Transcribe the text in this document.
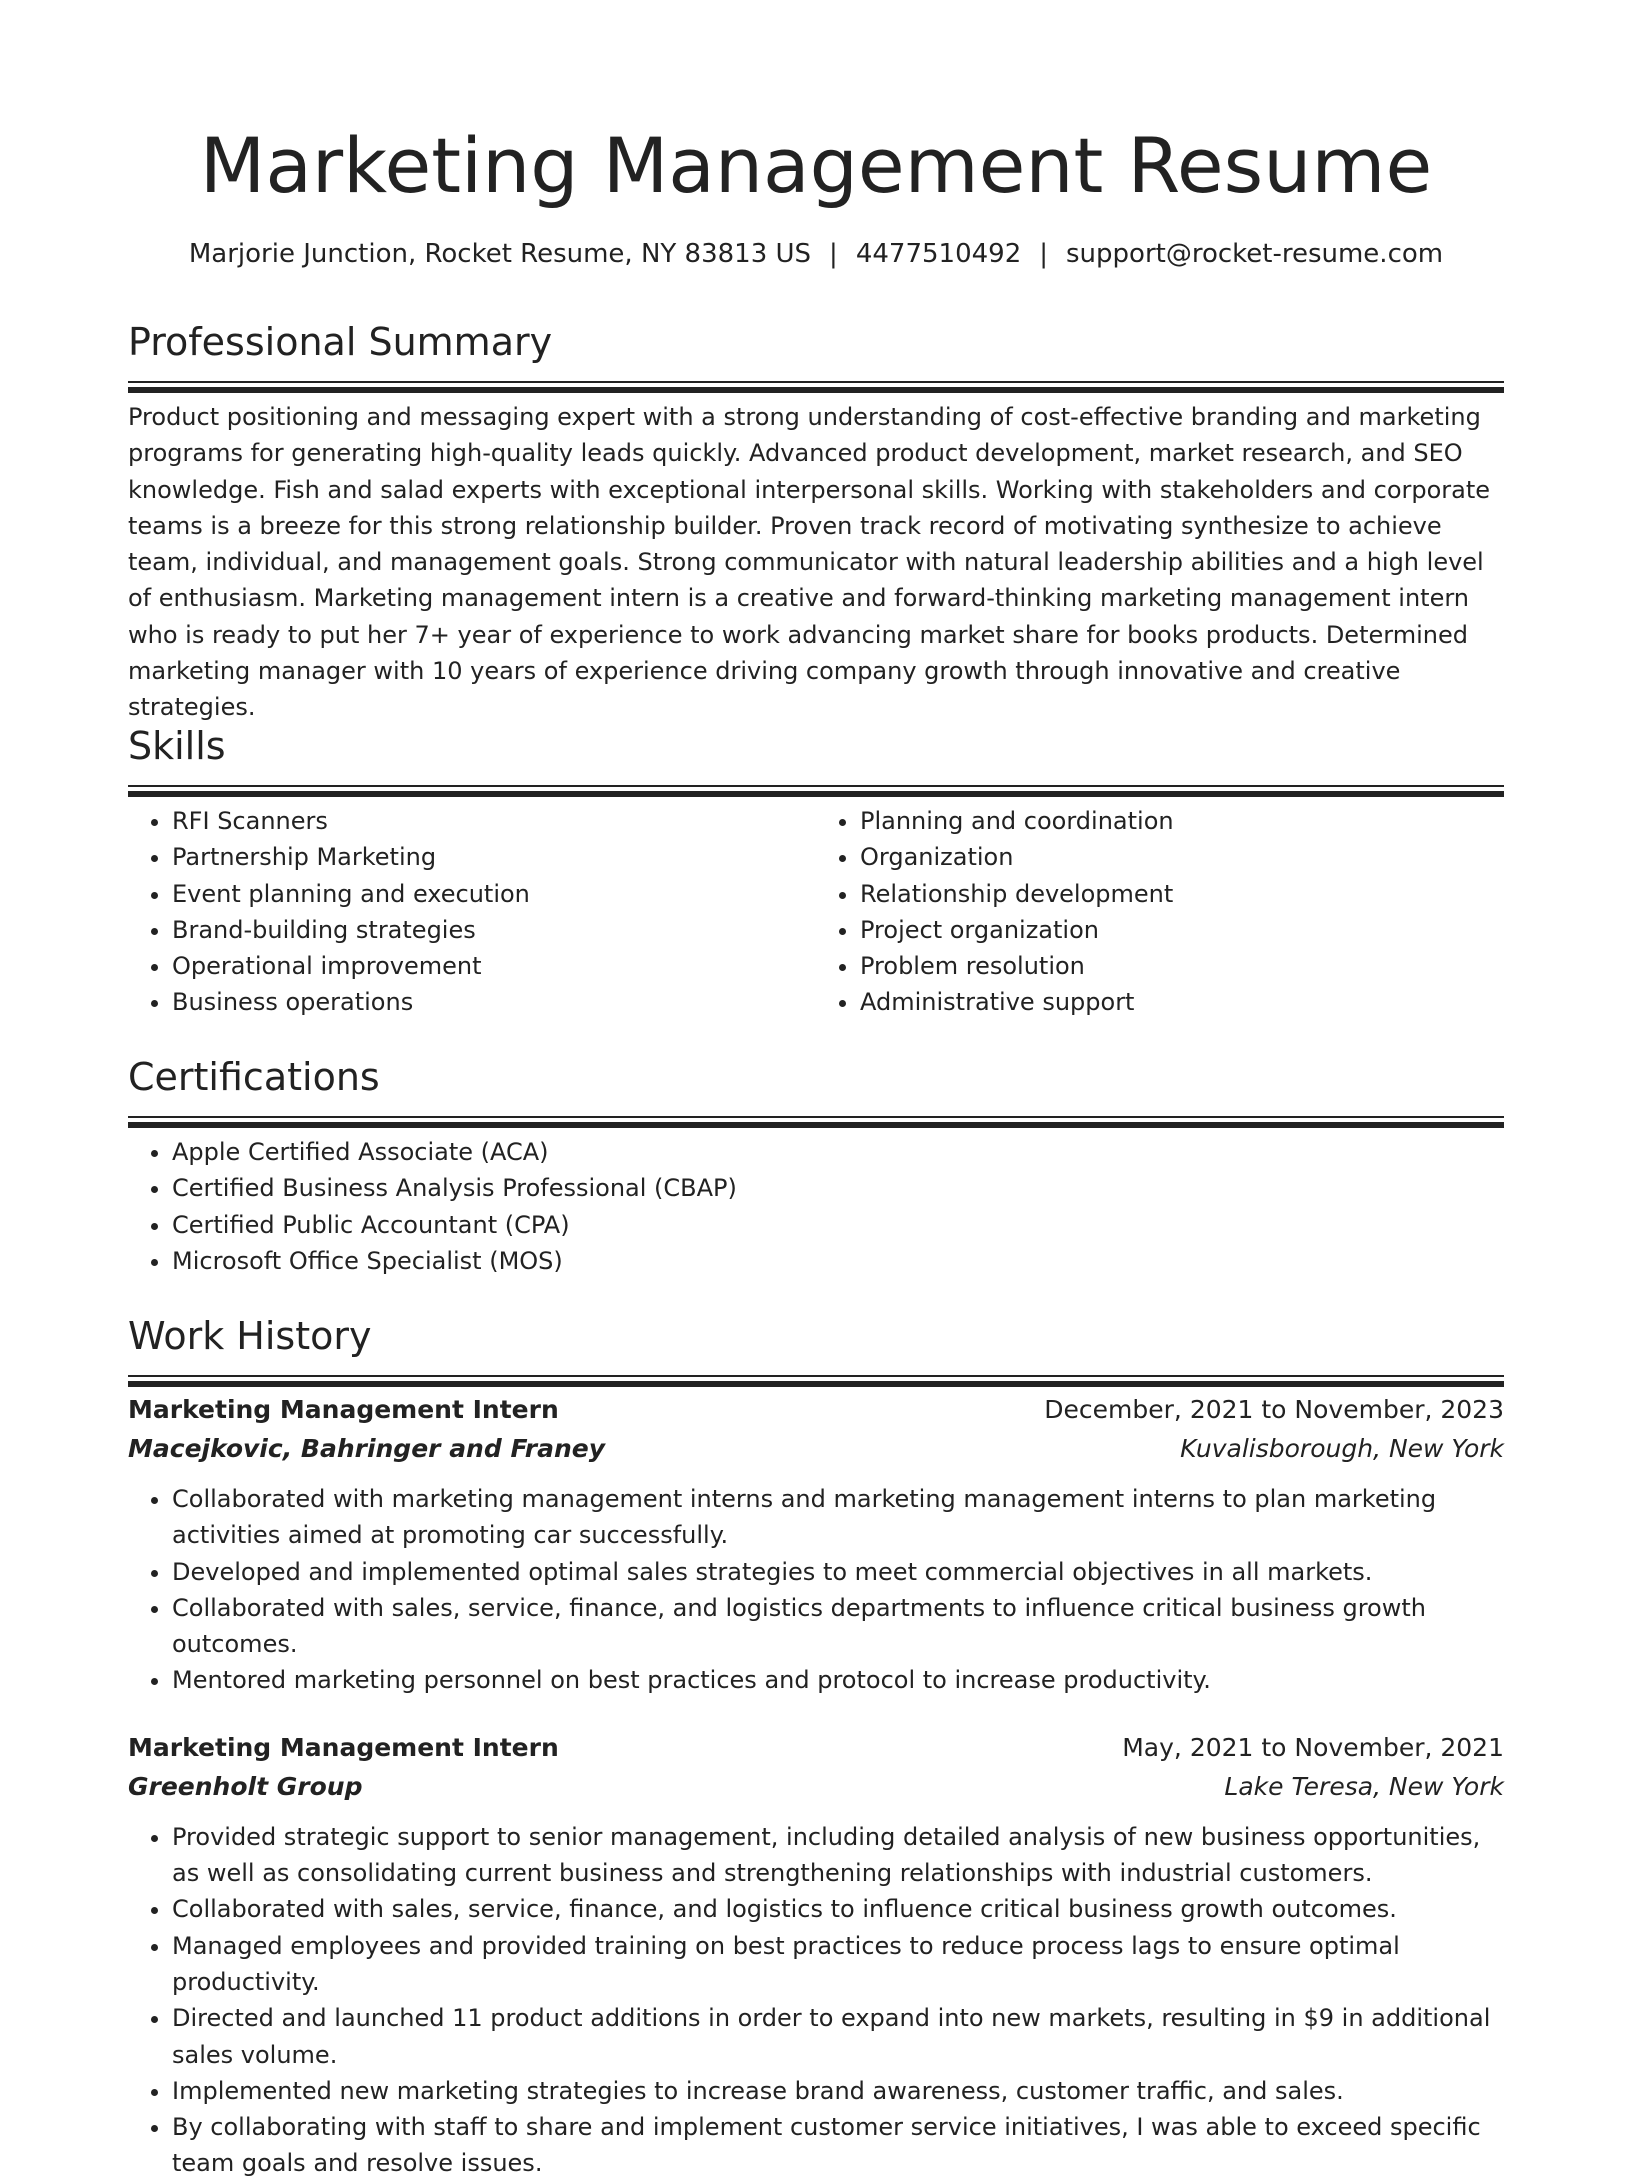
Marketing Management Resume
Marjorie Junction, Rocket Resume, NY 83813 US | 4477510492 | support@rocket-resume.com
Professional Summary

Product positioning and messaging expert with a strong understanding of cost-effective branding and marketing programs for generating high-quality leads quickly. Advanced product development, market research, and SEO knowledge. Fish and salad experts with exceptional interpersonal skills. Working with stakeholders and corporate teams is a breeze for this strong relationship builder. Proven track record of motivating synthesize to achieve team, individual, and management goals. Strong communicator with natural leadership abilities and a high level of enthusiasm. Marketing management intern is a creative and forward-thinking marketing management intern who is ready to put her 7+ year of experience to work advancing market share for books products. Determined marketing manager with 10 years of experience driving company growth through innovative and creative strategies.

Skills
• RFI Scanners
• Partnership Marketing
• Event planning and execution
• Brand-building strategies
• Operational improvement
• Business operations
• Planning and coordination
• Organization
• Relationship development
• Project organization
• Problem resolution
• Administrative support
Certifications
• Apple Certified Associate (ACA)
• Certified Business Analysis Professional (CBAP)
• Certified Public Accountant (CPA)
• Microsoft Office Specialist (MOS)
Work History
Marketing Management Intern	December, 2021 to November, 2023
Macejkovic, Bahringer and Franey	Kuvalisborough, New York
• Collaborated with marketing management interns and marketing management interns to plan marketing activities aimed at promoting car successfully.
• Developed and implemented optimal sales strategies to meet commercial objectives in all markets.
• Collaborated with sales, service, finance, and logistics departments to influence critical business growth outcomes.
• Mentored marketing personnel on best practices and protocol to increase productivity.
Marketing Management Intern	May, 2021 to November, 2021
Greenholt Group	Lake Teresa, New York
• Provided strategic support to senior management, including detailed analysis of new business opportunities, as well as consolidating current business and strengthening relationships with industrial customers.
• Collaborated with sales, service, finance, and logistics to influence critical business growth outcomes.
• Managed employees and provided training on best practices to reduce process lags to ensure optimal productivity.
• Directed and launched 11 product additions in order to expand into new markets, resulting in $9 in additional sales volume.
• Implemented new marketing strategies to increase brand awareness, customer traffic, and sales.
• By collaborating with staff to share and implement customer service initiatives, I was able to exceed specific team goals and resolve issues.
